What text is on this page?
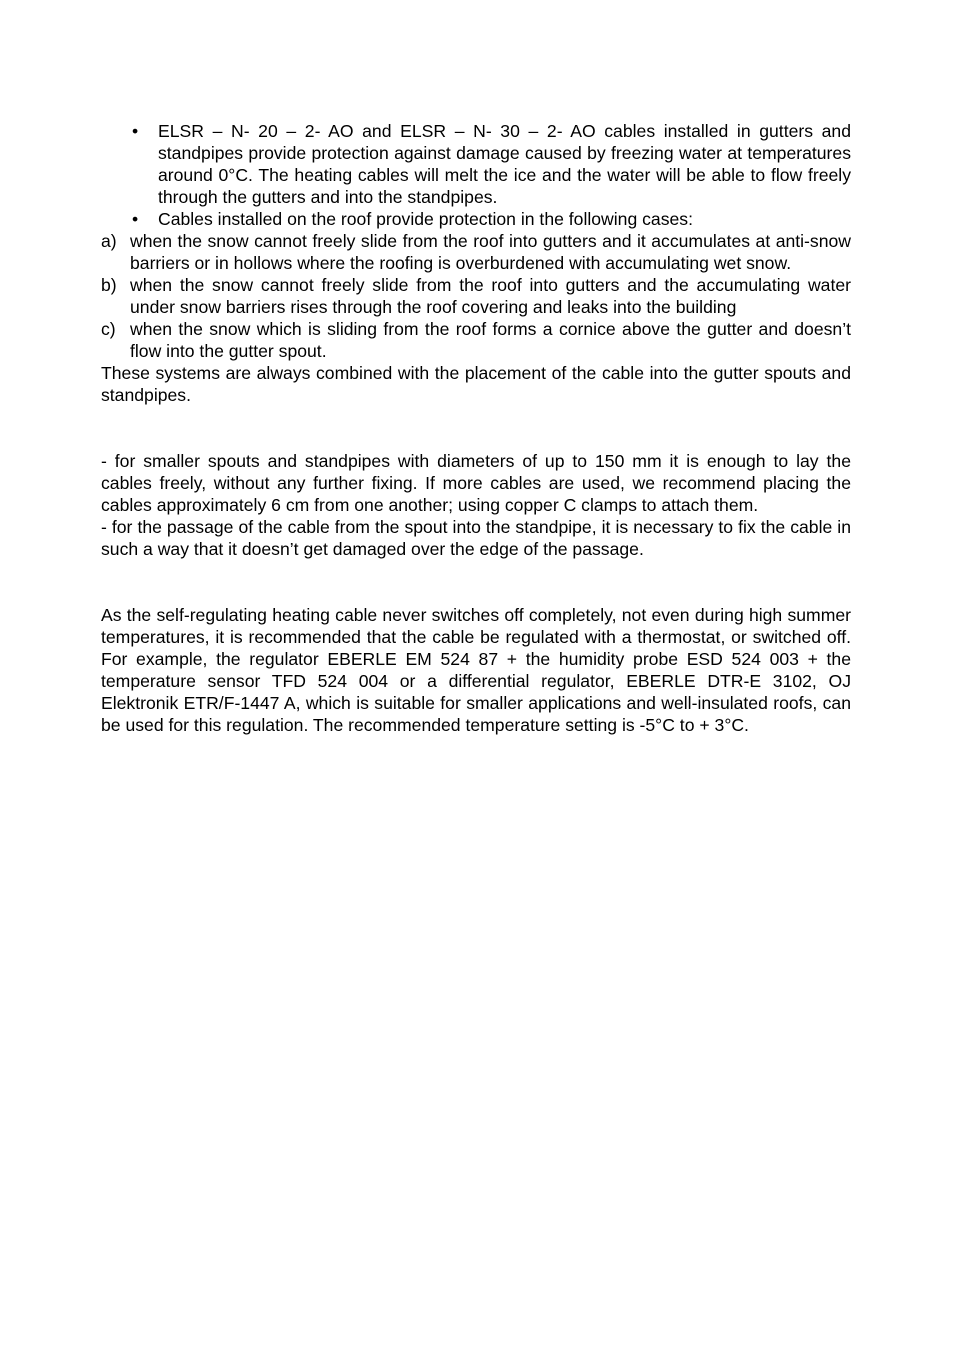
• ELSR – N- 20 – 2- AO and ELSR – N- 30 – 2- AO cables installed in gutters and standpipes provide protection against damage caused by freezing water at temperatures around 0°C. The heating cables will melt the ice and the water will be able to flow freely through the gutters and into the standpipes.

• Cables installed on the roof provide protection in the following cases:

a) when the snow cannot freely slide from the roof into gutters and it accumulates at anti-snow barriers or in hollows where the roofing is overburdened with accumulating wet snow.

b) when the snow cannot freely slide from the roof into gutters and the accumulating water under snow barriers rises through the roof covering and leaks into the building

c) when the snow which is sliding from the roof forms a cornice above the gutter and doesn’t flow into the gutter spout.

These systems are always combined with the placement of the cable into the gutter spouts and standpipes.

- for smaller spouts and standpipes with diameters of up to 150 mm it is enough to lay the cables freely, without any further fixing. If more cables are used, we recommend placing the cables approximately 6 cm from one another; using copper C clamps to attach them.

- for the passage of the cable from the spout into the standpipe, it is necessary to fix the cable in such a way that it doesn’t get damaged over the edge of the passage.

As the self-regulating heating cable never switches off completely, not even during high summer temperatures, it is recommended that the cable be regulated with a thermostat, or switched off. For example, the regulator EBERLE EM 524 87 + the humidity probe ESD 524 003 + the temperature sensor TFD 524 004 or a differential regulator, EBERLE DTR-E 3102, OJ Elektronik ETR/F-1447 A, which is suitable for smaller applications and well-insulated roofs, can be used for this regulation. The recommended temperature setting is -5°C to + 3°C.
